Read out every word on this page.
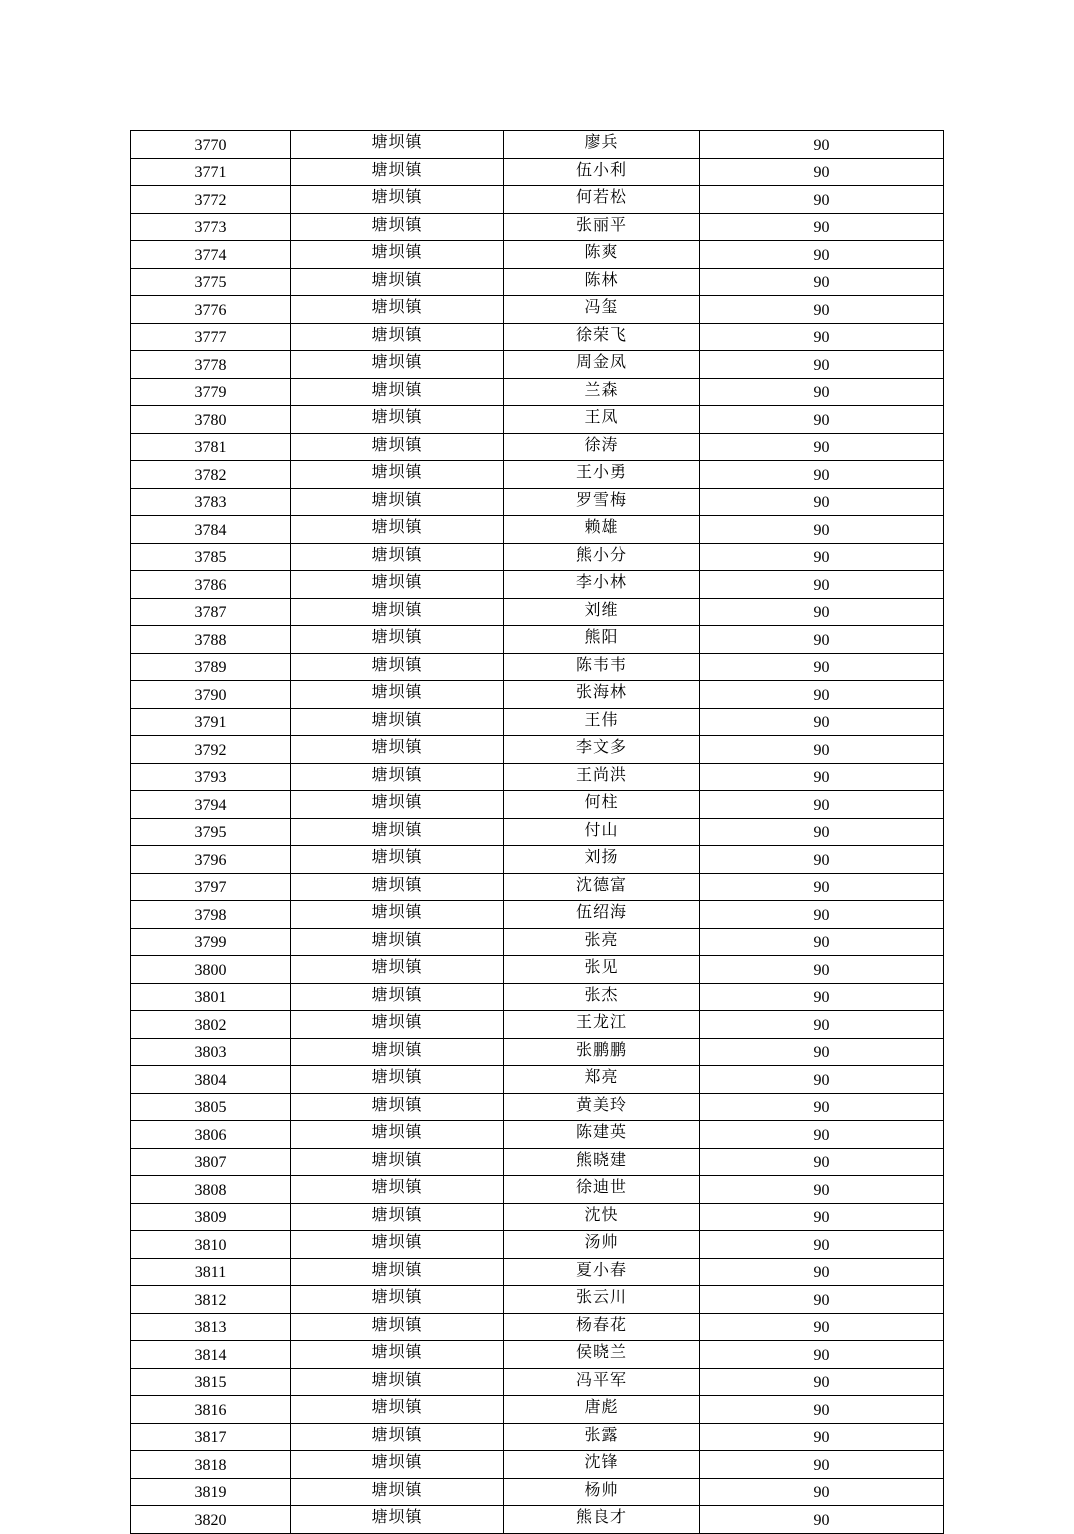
3770	塘坝镇	廖兵	90
3771	塘坝镇	伍小利	90
3772	塘坝镇	何若松	90
3773	塘坝镇	张丽平	90
3774	塘坝镇	陈爽	90
3775	塘坝镇	陈林	90
3776	塘坝镇	冯玺	90
3777	塘坝镇	徐荣飞	90
3778	塘坝镇	周金凤	90
3779	塘坝镇	兰森	90
3780	塘坝镇	王凤	90
3781	塘坝镇	徐涛	90
3782	塘坝镇	王小勇	90
3783	塘坝镇	罗雪梅	90
3784	塘坝镇	赖雄	90
3785	塘坝镇	熊小分	90
3786	塘坝镇	李小林	90
3787	塘坝镇	刘维	90
3788	塘坝镇	熊阳	90
3789	塘坝镇	陈韦韦	90
3790	塘坝镇	张海林	90
3791	塘坝镇	王伟	90
3792	塘坝镇	李文多	90
3793	塘坝镇	王尚洪	90
3794	塘坝镇	何柱	90
3795	塘坝镇	付山	90
3796	塘坝镇	刘扬	90
3797	塘坝镇	沈德富	90
3798	塘坝镇	伍绍海	90
3799	塘坝镇	张亮	90
3800	塘坝镇	张见	90
3801	塘坝镇	张杰	90
3802	塘坝镇	王龙江	90
3803	塘坝镇	张鹏鹏	90
3804	塘坝镇	郑亮	90
3805	塘坝镇	黄美玲	90
3806	塘坝镇	陈建英	90
3807	塘坝镇	熊晓建	90
3808	塘坝镇	徐迪世	90
3809	塘坝镇	沈快	90
3810	塘坝镇	汤帅	90
3811	塘坝镇	夏小春	90
3812	塘坝镇	张云川	90
3813	塘坝镇	杨春花	90
3814	塘坝镇	侯晓兰	90
3815	塘坝镇	冯平军	90
3816	塘坝镇	唐彪	90
3817	塘坝镇	张露	90
3818	塘坝镇	沈锋	90
3819	塘坝镇	杨帅	90
3820	塘坝镇	熊良才	90
